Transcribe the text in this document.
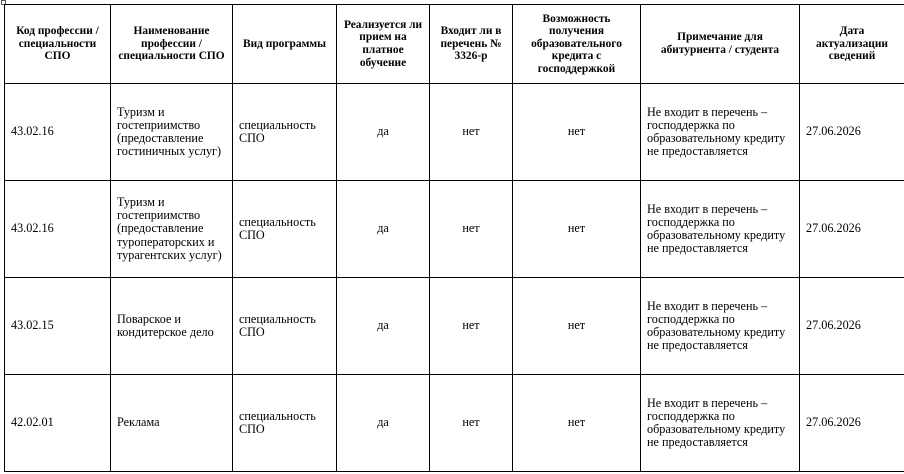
Код профессии / специальности СПО	Наименование профессии / специальности СПО	Вид программы	Реализуется ли прием на платное обучение	Входит ли в перечень № 3326-р	Возможность получения образовательного кредита с господдержкой	Примечание для абитуриента / студента	Дата актуализации сведений
43.02.16	Туризм и гостеприимство (предоставление гостиничных услуг)	специальность СПО	да	нет	нет	Не входит в перечень –
господдержка по образовательному кредиту
не предоставляется	27.06.2026
43.02.16	Туризм и гостеприимство (предоставление туроператорских и турагентских услуг)	специальность СПО	да	нет	нет	Не входит в перечень –
господдержка по образовательному кредиту
не предоставляется	27.06.2026
43.02.15	Поварское и кондитерское дело	специальность СПО	да	нет	нет	Не входит в перечень –
господдержка по образовательному кредиту
не предоставляется	27.06.2026
42.02.01	Реклама	специальность СПО	да	нет	нет	Не входит в перечень –
господдержка по образовательному кредиту
не предоставляется	27.06.2026
